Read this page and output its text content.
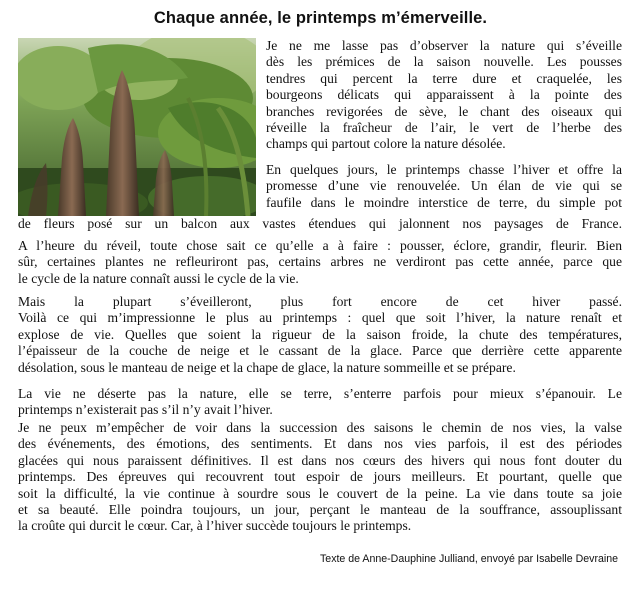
Chaque année, le printemps m’émerveille.
Je ne me lasse pas d’observer la nature qui s’éveille
dès les prémices de la saison nouvelle. Les pousses
tendres qui percent la terre dure et craquelée, les
bourgeons délicats qui apparaissent à la pointe des
branches revigorées de sève, le chant des oiseaux qui
réveille la fraîcheur de l’air, le vert de l’herbe des
champs qui partout colore la nature désolée.
En quelques jours, le printemps chasse l’hiver et offre la
promesse d’une vie renouvelée. Un élan de vie qui se
faufile dans le moindre interstice de terre, du simple pot
de fleurs posé sur un balcon aux vastes étendues qui jalonnent nos paysages de France.
A l’heure du réveil, toute chose sait ce qu’elle a à faire : pousser, éclore, grandir, fleurir. Bien
sûr, certaines plantes ne refleuriront pas, certains arbres ne verdiront pas cette année, parce que
le cycle de la nature connaît aussi le cycle de la vie.
Mais la plupart s’éveilleront, plus fort encore de cet hiver passé.
Voilà ce qui m’impressionne le plus au printemps : quel que soit l’hiver, la nature renaît et
explose de vie. Quelles que soient la rigueur de la saison froide, la chute des températures,
l’épaisseur de la couche de neige et le cassant de la glace. Parce que derrière cette apparente
désolation, sous le manteau de neige et la chape de glace, la nature sommeille et se prépare.
La vie ne déserte pas la nature, elle se terre, s’enterre parfois pour mieux s’épanouir. Le
printemps n’existerait pas s’il n’y avait l’hiver.
Je ne peux m’empêcher de voir dans la succession des saisons le chemin de nos vies, la valse
des événements, des émotions, des sentiments. Et dans nos vies parfois, il est des périodes
glacées qui nous paraissent définitives. Il est dans nos cœurs des hivers qui nous font douter du
printemps. Des épreuves qui recouvrent tout espoir de jours meilleurs. Et pourtant, quelle que
soit la difficulté, la vie continue à sourdre sous le couvert de la peine. La vie dans toute sa joie
et sa beauté. Elle poindra toujours, un jour, perçant le manteau de la souffrance, assouplissant
la croûte qui durcit le cœur. Car, à l’hiver succède toujours le printemps.
Texte de Anne-Dauphine Julliand, envoyé par Isabelle Devraine
